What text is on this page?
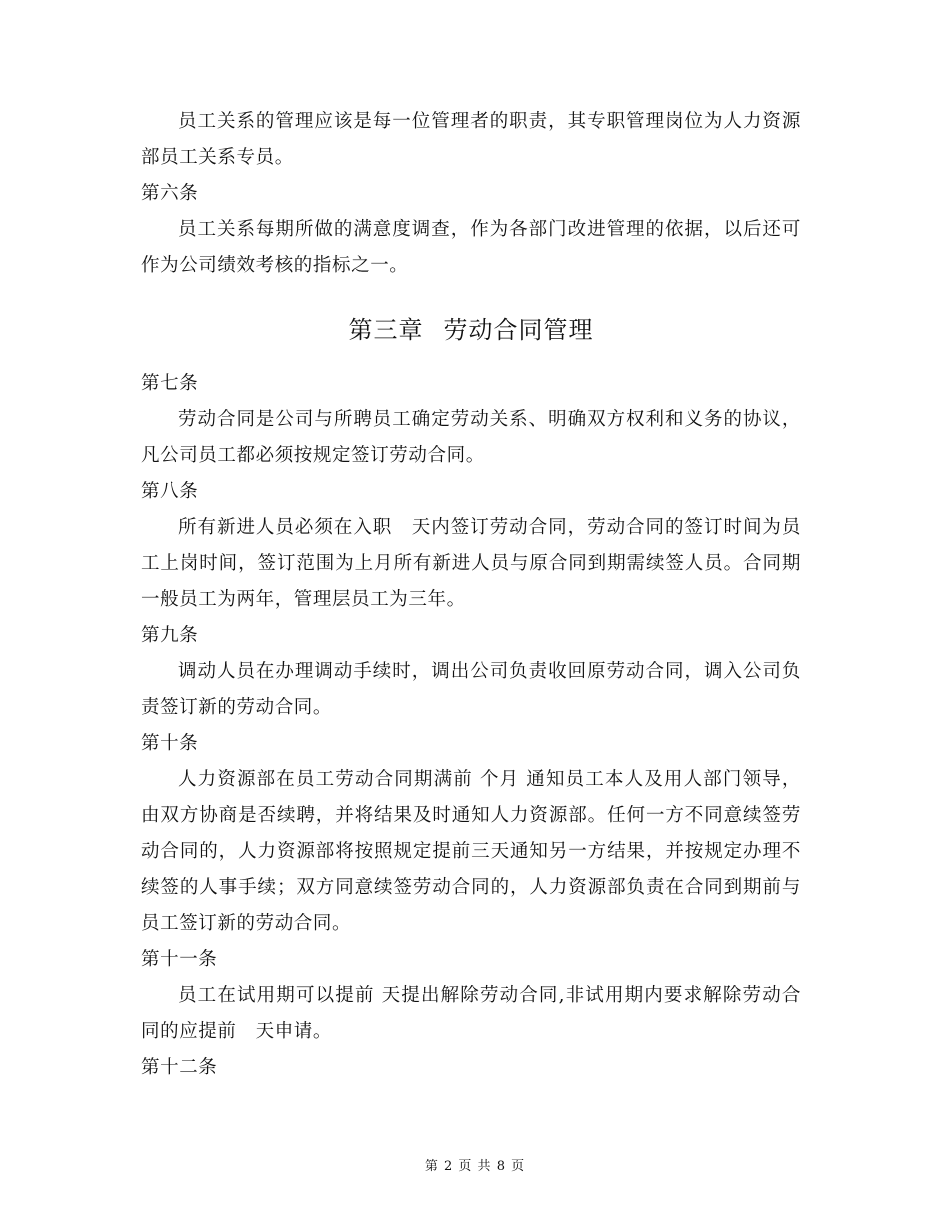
员工关系的管理应该是每一位管理者的职责，其专职管理岗位为人力资源部员工关系专员。

第六条

员工关系每期所做的满意度调查，作为各部门改进管理的依据，以后还可作为公司绩效考核的指标之一。

第三章 劳动合同管理

第七条

劳动合同是公司与所聘员工确定劳动关系、明确双方权利和义务的协议，凡公司员工都必须按规定签订劳动合同。

第八条

所有新进人员必须在入职　天内签订劳动合同，劳动合同的签订时间为员工上岗时间，签订范围为上月所有新进人员与原合同到期需续签人员。合同期一般员工为两年，管理层员工为三年。

第九条

调动人员在办理调动手续时，调出公司负责收回原劳动合同，调入公司负责签订新的劳动合同。

第十条

人力资源部在员工劳动合同期满前 个月 通知员工本人及用人部门领导，由双方协商是否续聘，并将结果及时通知人力资源部。任何一方不同意续签劳动合同的，人力资源部将按照规定提前三天通知另一方结果，并按规定办理不续签的人事手续；双方同意续签劳动合同的，人力资源部负责在合同到期前与员工签订新的劳动合同。

第十一条

员工在试用期可以提前 天提出解除劳动合同,非试用期内要求解除劳动合同的应提前　天申请。

第十二条

第 2 页 共 8 页
